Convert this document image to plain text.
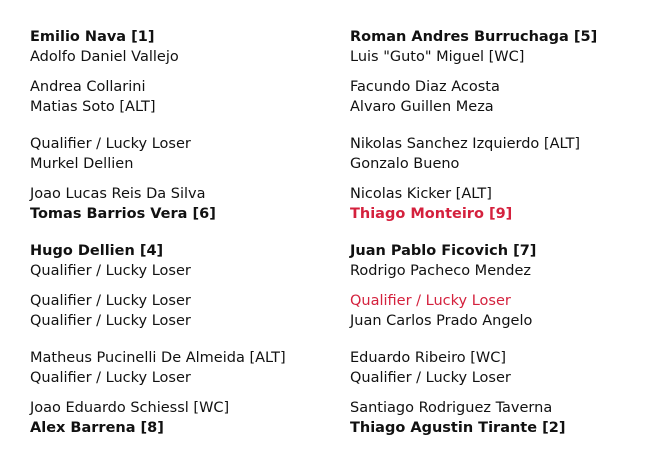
Emilio Nava [1]
Adolfo Daniel Vallejo
Andrea Collarini
Matias Soto [ALT]
Qualifier / Lucky Loser
Murkel Dellien
Joao Lucas Reis Da Silva
Tomas Barrios Vera [6]
Hugo Dellien [4]
Qualifier / Lucky Loser
Qualifier / Lucky Loser
Qualifier / Lucky Loser
Matheus Pucinelli De Almeida [ALT]
Qualifier / Lucky Loser
Joao Eduardo Schiessl [WC]
Alex Barrena [8]
Roman Andres Burruchaga [5]
Luis "Guto" Miguel [WC]
Facundo Diaz Acosta
Alvaro Guillen Meza
Nikolas Sanchez Izquierdo [ALT]
Gonzalo Bueno
Nicolas Kicker [ALT]
Thiago Monteiro [9]
Juan Pablo Ficovich [7]
Rodrigo Pacheco Mendez
Qualifier / Lucky Loser
Juan Carlos Prado Angelo
Eduardo Ribeiro [WC]
Qualifier / Lucky Loser
Santiago Rodriguez Taverna
Thiago Agustin Tirante [2]
